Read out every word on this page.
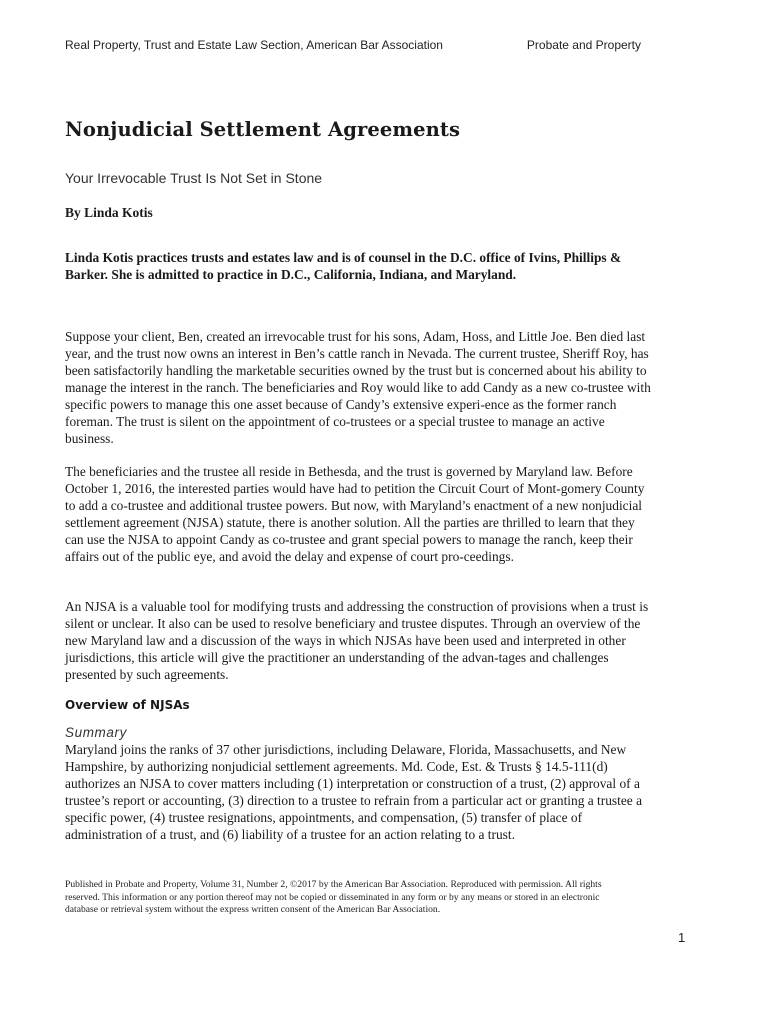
Real Property, Trust and Estate Law Section, American Bar Association	Probate and Property
Nonjudicial Settlement Agreements
Your Irrevocable Trust Is Not Set in Stone
By Linda Kotis

Linda Kotis practices trusts and estates law and is of counsel in the D.C. office of Ivins, Phillips & Barker. She is admitted to practice in D.C., California, Indiana, and Maryland.

Suppose your client, Ben, created an irrevocable trust for his sons, Adam, Hoss, and Little Joe. Ben died last year, and the trust now owns an interest in Ben’s cattle ranch in Nevada. The current trustee, Sheriff Roy, has been satisfactorily handling the marketable securities owned by the trust but is concerned about his ability to manage the interest in the ranch. The beneficiaries and Roy would like to add Candy as a new co-trustee with specific powers to manage this one asset because of Candy’s extensive experi-ence as the former ranch foreman. The trust is silent on the appointment of co-trustees or a special trustee to manage an active business.

The beneficiaries and the trustee all reside in Bethesda, and the trust is governed by Maryland law. Before October 1, 2016, the interested parties would have had to petition the Circuit Court of Mont-gomery County to add a co-trustee and additional trustee powers. But now, with Maryland’s enactment of a new nonjudicial settlement agreement (NJSA) statute, there is another solution. All the parties are thrilled to learn that they can use the NJSA to appoint Candy as co-trustee and grant special powers to manage the ranch, keep their affairs out of the public eye, and avoid the delay and expense of court pro-ceedings.

An NJSA is a valuable tool for modifying trusts and addressing the construction of provisions when a trust is silent or unclear. It also can be used to resolve beneficiary and trustee disputes. Through an overview of the new Maryland law and a discussion of the ways in which NJSAs have been used and interpreted in other jurisdictions, this article will give the practitioner an understanding of the advan-tages and challenges presented by such agreements.

Overview of NJSAs
Summary

Maryland joins the ranks of 37 other jurisdictions, including Delaware, Florida, Massachusetts, and New Hampshire, by authorizing nonjudicial settlement agreements. Md. Code, Est. & Trusts § 14.5-111(d) authorizes an NJSA to cover matters including (1) interpretation or construction of a trust, (2) approval of a trustee’s report or accounting, (3) direction to a trustee to refrain from a particular act or granting a trustee a specific power, (4) trustee resignations, appointments, and compensation, (5) transfer of place of administration of a trust, and (6) liability of a trustee for an action relating to a trust.

Published in Probate and Property, Volume 31, Number 2, ©2017 by the American Bar Association. Reproduced with permission. All rights reserved. This information or any portion thereof may not be copied or disseminated in any form or by any means or stored in an electronic database or retrieval system without the express written consent of the American Bar Association.

1
